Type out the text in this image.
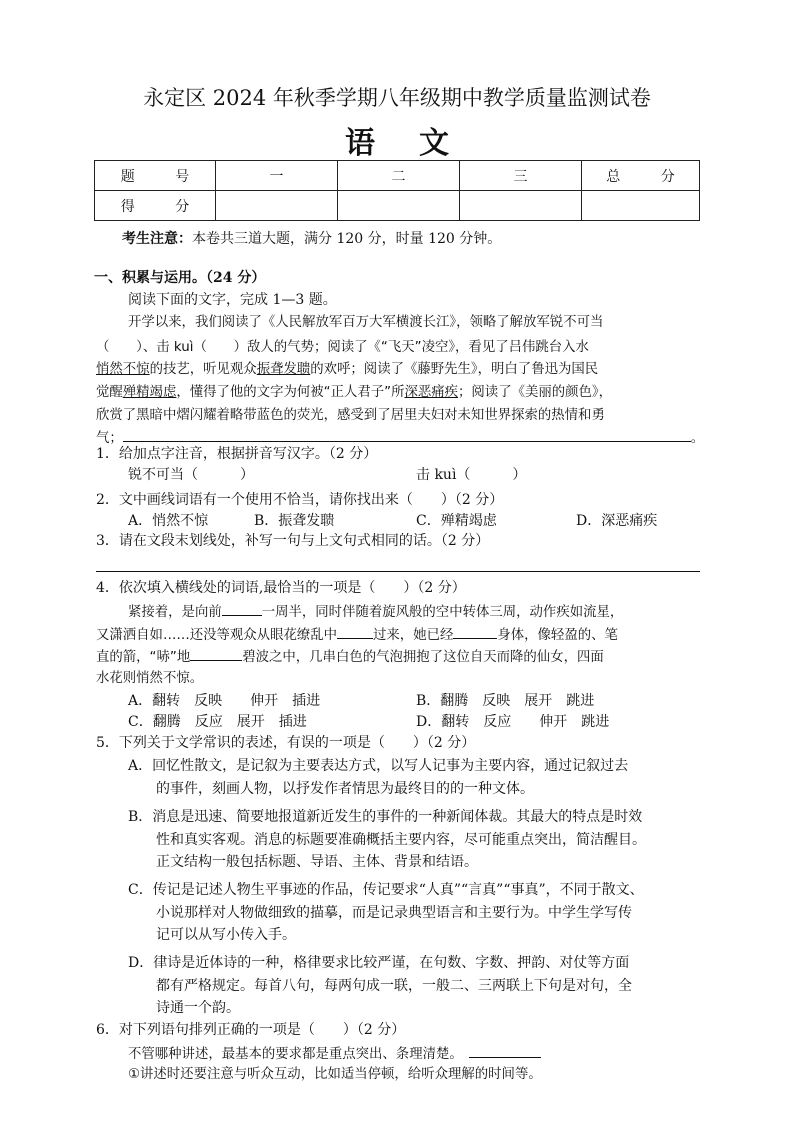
永定区 2024 年秋季学期八年级期中教学质量监测试卷
语文
题 号	一	二	三	总 分
得 分				
考生注意：本卷共三道大题，满分 120 分，时量 120 分钟。
一、积累与运用。（24 分）
阅读下面的文字，完成 1—3 题。
开学以来，我们阅读了《人民解放军百万大军横渡长江》，领略了解放军锐不可当
（　　）、击 kuì（　　）敌人的气势；阅读了《“飞天”凌空》，看见了吕伟跳台入水
悄然不惊的技艺，听见观众振聋发聩的欢呼；阅读了《藤野先生》，明白了鲁迅为国民
觉醒殚精竭虑，懂得了他的文字为何被“正人君子”所深恶痛疾；阅读了《美丽的颜色》，
欣赏了黑暗中熠闪耀着略带蓝色的荧光，感受到了居里夫妇对未知世界探索的热情和勇
气；	。
1．给加点字注音，根据拼音写汉字。（2 分）
锐不可当（　　　）	击 kuì（　　　）
2．文中画线词语有一个使用不恰当，请你找出来（　　）（2 分）
A．悄然不惊	B．振聋发聩	C．殚精竭虑	D．深恶痛疾
3．请在文段末划线处，补写一句与上文句式相同的话。（2 分）
4．依次填入横线处的词语,最恰当的一项是（　　）（2 分）
紧接着，是向前	一周半，同时伴随着旋风般的空中转体三周，动作疾如流星，
又潇洒自如……还没等观众从眼花缭乱中	过来，她已经	身体，像轻盈的、笔
直的箭，“哧”地	碧波之中，几串白色的气泡拥抱了这位自天而降的仙女，四面
水花则悄然不惊。
A．翻转　反映　　伸开　插进	B．翻腾　反映　展开　跳进
C．翻腾　反应　展开　插进	D．翻转　反应　　伸开　跳进
5．下列关于文学常识的表述，有误的一项是（　　）（2 分）
A．回忆性散文，是记叙为主要表达方式，以写人记事为主要内容，通过记叙过去
的事件，刻画人物，以抒发作者情思为最终目的的一种文体。
B．消息是迅速、简要地报道新近发生的事件的一种新闻体裁。其最大的特点是时效
性和真实客观。消息的标题要准确概括主要内容，尽可能重点突出，简洁醒目。
正文结构一般包括标题、导语、主体、背景和结语。
C．传记是记述人物生平事迹的作品，传记要求“人真”“言真”“事真”，不同于散文、
小说那样对人物做细致的描摹，而是记录典型语言和主要行为。中学生学写传
记可以从写小传入手。
D．律诗是近体诗的一种，格律要求比较严谨，在句数、字数、押韵、对仗等方面
都有严格规定。每首八句，每两句成一联，一般二、三两联上下句是对句，全
诗通一个韵。
6．对下列语句排列正确的一项是（　　）（2 分）
不管哪种讲述，最基本的要求都是重点突出、条理清楚。
①讲述时还要注意与听众互动，比如适当停顿，给听众理解的时间等。
